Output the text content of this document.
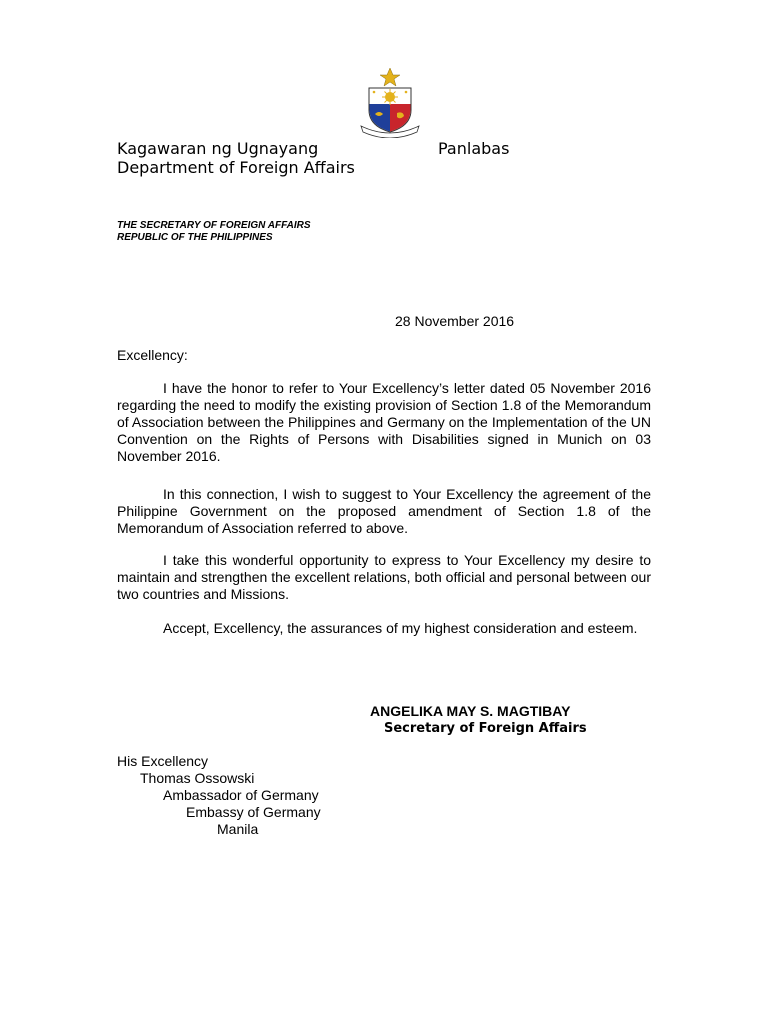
Kagawaran ng Ugnayang	Panlabas
Department of Foreign Affairs
THE SECRETARY OF FOREIGN AFFAIRS
REPUBLIC OF THE PHILIPPINES
28 November 2016
Excellency:

I have the honor to refer to Your Excellency’s letter dated 05 November 2016 regarding the need to modify the existing provision of Section 1.8 of the Memorandum of Association between the Philippines and Germany on the Implementation of the UN Convention on the Rights of Persons with Disabilities signed in Munich on 03 November 2016.

In this connection, I wish to suggest to Your Excellency the agreement of the Philippine Government on the proposed amendment of Section 1.8 of the Memorandum of Association referred to above.

I take this wonderful opportunity to express to Your Excellency my desire to maintain and strengthen the excellent relations, both official and personal between our two countries and Missions.

Accept, Excellency, the assurances of my highest consideration and esteem.

ANGELIKA MAY S. MAGTIBAY
Secretary of Foreign Affairs
His Excellency
Thomas Ossowski
Ambassador of Germany
Embassy of Germany
Manila
